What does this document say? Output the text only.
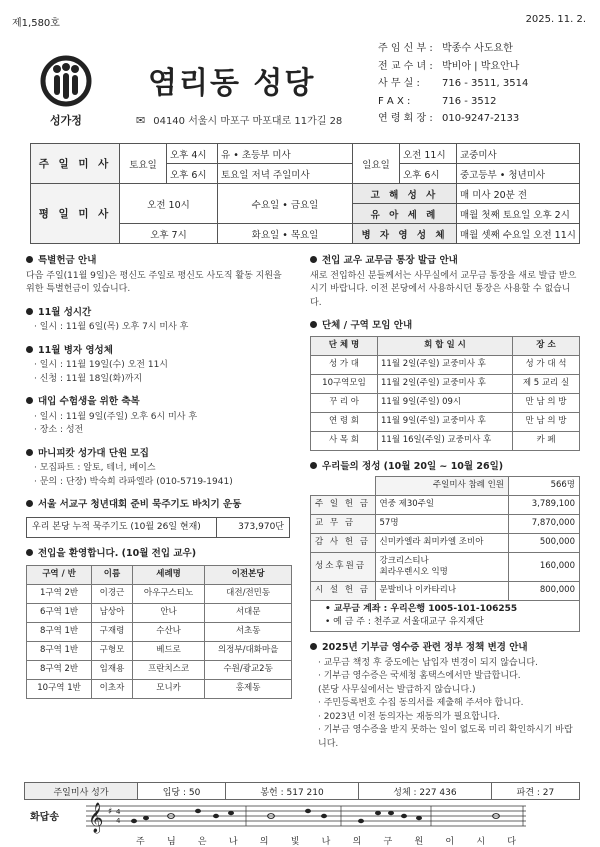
제1,580호	2025. 11. 2.
성가정
염리동 성당
✉ 04140 서울시 마포구 마포대로 11가길 28
주 임 신 부 : 박종수 사도요한
전 교 수 녀 : 박비아 | 박요안나
사 무 실 : 716 - 3511, 3514
F A X :	716 - 3512
연 령 회 장 : 010-9247-2133
주 일 미 사	토요일	오후 4시	유 • 초등부 미사	일요일	오전 11시	교중미사
		오후 6시	토요일 저녁 주일미사		오후 6시	중고등부 • 청년미사
평 일 미 사	오전 10시		수요일 • 금요일	고 해 성 사		매 미사 20분 전
				유 아 세 례		매월 첫째 토요일 오후 2시
	오후 7시		화요일 • 목요일	병 자 영 성 체		매월 셋째 수요일 오전 11시
특별헌금 안내
다음 주일(11월 9일)은 평신도 주일로 평신도 사도직 활동 지원을 위한 특별헌금이 있습니다.
11월 성시간
· 일시 : 11월 6일(목) 오후 7시 미사 후
11월 병자 영성체
· 일시 : 11월 19일(수) 오전 11시
· 신청 : 11월 18일(화)까지
대입 수험생을 위한 축복
· 일시 : 11월 9일(주일) 오후 6시 미사 후
· 장소 : 성전
마니피캇 성가대 단원 모집
· 모집파트 : 알토, 테너, 베이스
· 문의 : 단장) 박숙희 라파엘라 (010-5719-1941)
서울 서교구 청년대회 준비 묵주기도 바치기 운동
우리 본당 누적 묵주기도 (10월 26일 현재)	373,970단
전입을 환영합니다. (10월 전입 교우)
구역 / 반	이름	세례명	이전본당
1구역 2반	이경근	아우구스티노	대전/전민동
6구역 1반	남상아	안나	서대문
8구역 1반	구재령	수산나	서초동
8구역 1반	구형모	베드로	의정부/대화마을
8구역 2반	임재용	프란치스코	수원/광교2동
10구역 1반	이초자	모니카	홍제동
전입 교우 교무금 통장 발급 안내
새로 전입하신 분들께서는 사무실에서 교무금 통장을 새로 발급 받으시기 바랍니다. 이전 본당에서 사용하시던 통장은 사용할 수 없습니다.
단체 / 구역 모임 안내
단 체 명	회 합 일 시	장 소
성 가 대	11월 2일(주일) 교중미사 후	성 가 대 석
10구역모임	11월 2일(주일) 교중미사 후	제 5 교리 실
꾸 리 아	11월 9일(주일) 09시	만 남 의 방
연 령 회	11월 9일(주일) 교중미사 후	만 남 의 방
사 목 회	11월 16일(주일) 교중미사 후	카 페
우리들의 정성 (10월 20일 ~ 10월 26일)
	주일미사 참례 인원	566명
주 일 헌 금	연중 제30주일	3,789,100
교 무 금	57명	7,870,000
감 사 헌 금	신미카엘라 최미카엘 조비아	500,000
성소후원금	강크리스티나
최라우렌시오 익명	160,000
시 설 헌 금	문발비나 이카타리나	800,000
• 교무금 계좌 : 우리은행 1005-101-106255
• 예 금 주 : 천주교 서울대교구 유지재단
2025년 기부금 영수증 관련 정부 정책 변경 안내
· 교무금 책정 후 중도에는 납입자 변경이 되지 않습니다.
· 기부금 영수증은 국세청 홈택스에서만 발급합니다.
(본당 사무실에서는 발급하지 않습니다.)
· 주민등록번호 수집 동의서를 제출해 주셔야 합니다.
· 2023년 이전 동의자는 재동의가 필요합니다.
· 기부금 영수증을 받지 못하는 일이 없도록 미리 확인하시기 바랍니다.
주일미사 성가	입당 : 50	봉헌 : 517 210	성체 : 227 436	파견 : 27
화답송 𝄞 ♯ 4
4
주 님 은 나 의 빛 나 의 구 원 이 시 다
